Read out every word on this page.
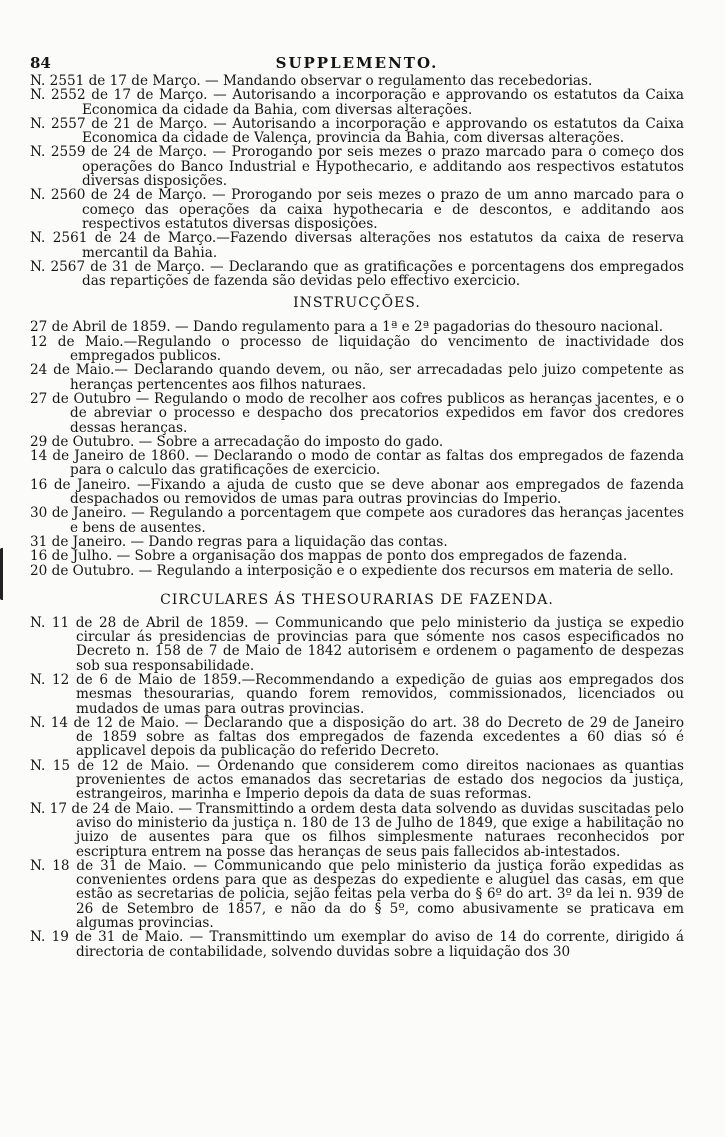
84	SUPPLEMENTO.

N. 2551 de 17 de Março. — Mandando observar o regulamento das recebedorias.

N. 2552 de 17 de Março. — Autorisando a incorporação e approvando os estatutos da Caixa Economica da cidade da Bahia, com diversas alterações.

N. 2557 de 21 de Março. — Autorisando a incorporação e approvando os estatutos da Caixa Economica da cidade de Valença, provincia da Bahia, com diversas alterações.

N. 2559 de 24 de Março. — Prorogando por seis mezes o prazo marcado para o começo dos operações do Banco Industrial e Hypothecario, e additando aos respectivos estatutos diversas disposições.

N. 2560 de 24 de Março. — Prorogando por seis mezes o prazo de um anno marcado para o começo das operações da caixa hypothecaria e de descontos, e additando aos respectivos estatutos diversas disposições.

N. 2561 de 24 de Março.—Fazendo diversas alterações nos estatutos da caixa de reserva mercantil da Bahia.

N. 2567 de 31 de Março. — Declarando que as gratificações e porcentagens dos empregados das repartições de fazenda são devidas pelo effectivo exercicio.

INSTRUCÇÕES.

27 de Abril de 1859. — Dando regulamento para a 1ª e 2ª pagadorias do thesouro nacional.

12 de Maio.—Regulando o processo de liquidação do vencimento de inactividade dos empregados publicos.

24 de Maio.— Declarando quando devem, ou não, ser arrecadadas pelo juizo competente as heranças pertencentes aos filhos naturaes.

27 de Outubro — Regulando o modo de recolher aos cofres publicos as heranças jacentes, e o de abreviar o processo e despacho dos precatorios expedidos em favor dos credores dessas heranças.

29 de Outubro. — Sobre a arrecadação do imposto do gado.

14 de Janeiro de 1860. — Declarando o modo de contar as faltas dos empregados de fazenda para o calculo das gratificações de exercicio.

16 de Janeiro. —Fixando a ajuda de custo que se deve abonar aos empregados de fazenda despachados ou removidos de umas para outras provincias do Imperio.

30 de Janeiro. — Regulando a porcentagem que compete aos curadores das heranças jacentes e bens de ausentes.

31 de Janeiro. — Dando regras para a liquidação das contas.

16 de Julho. — Sobre a organisação dos mappas de ponto dos empregados de fazenda.

20 de Outubro. — Regulando a interposição e o expediente dos recursos em materia de sello.

CIRCULARES ÁS THESOURARIAS DE FAZENDA.

N. 11 de 28 de Abril de 1859. — Communicando que pelo ministerio da justiça se expedio circular ás presidencias de provincias para que sómente nos casos especificados no Decreto n. 158 de 7 de Maio de 1842 autorisem e ordenem o pagamento de despezas sob sua responsabilidade.

N. 12 de 6 de Maio de 1859.—Recommendando a expedição de guias aos empregados dos mesmas thesourarias, quando forem removidos, commissionados, licenciados ou mudados de umas para outras provincias.

N. 14 de 12 de Maio. — Declarando que a disposição do art. 38 do Decreto de 29 de Janeiro de 1859 sobre as faltas dos empregados de fazenda excedentes a 60 dias só é applicavel depois da publicação do referido Decreto.

N. 15 de 12 de Maio. — Ordenando que considerem como direitos nacionaes as quantias provenientes de actos emanados das secretarias de estado dos negocios da justiça, estrangeiros, marinha e Imperio depois da data de suas reformas.

N. 17 de 24 de Maio. — Transmittindo a ordem desta data solvendo as duvidas suscitadas pelo aviso do ministerio da justiça n. 180 de 13 de Julho de 1849, que exige a habilitação no juizo de ausentes para que os filhos simplesmente naturaes reconhecidos por escriptura entrem na posse das heranças de seus pais fallecidos ab-intestados.

N. 18 de 31 de Maio. — Communicando que pelo ministerio da justiça forão expedidas as convenientes ordens para que as despezas do expediente e aluguel das casas, em que estão as secretarias de policia, sejão feitas pela verba do § 6º do art. 3º da lei n. 939 de 26 de Setembro de 1857, e não da do § 5º, como abusivamente se praticava em algumas provincias.

N. 19 de 31 de Maio. — Transmittindo um exemplar do aviso de 14 do corrente, dirigido á directoria de contabilidade, solvendo duvidas sobre a liquidação dos 30
